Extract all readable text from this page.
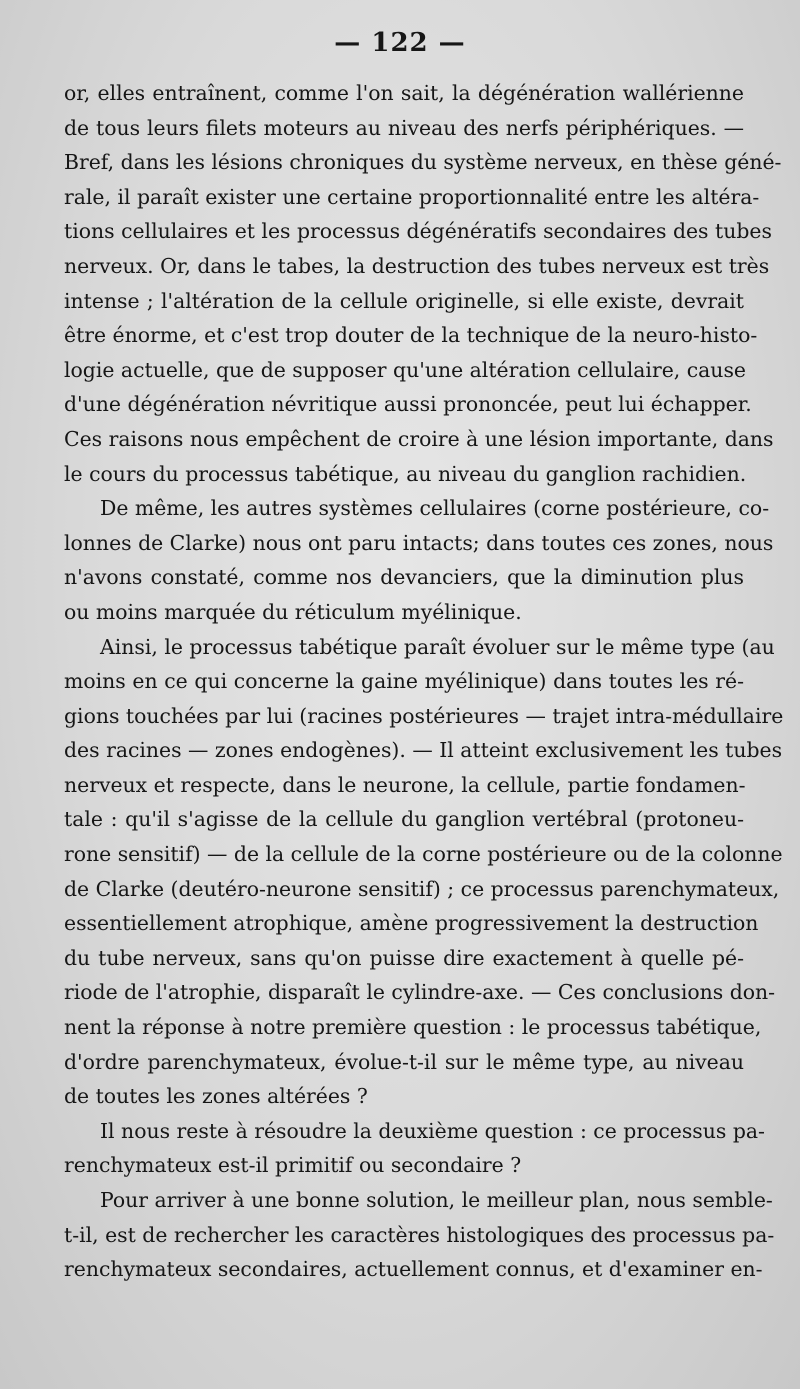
— 122 —
or, elles entraînent, comme l'on sait, la dégénération wallérienne
de tous leurs filets moteurs au niveau des nerfs périphériques. —
Bref, dans les lésions chroniques du système nerveux, en thèse géné-
rale, il paraît exister une certaine proportionnalité entre les altéra-
tions cellulaires et les processus dégénératifs secondaires des tubes
nerveux. Or, dans le tabes, la destruction des tubes nerveux est très
intense ; l'altération de la cellule originelle, si elle existe, devrait
être énorme, et c'est trop douter de la technique de la neuro-histo-
logie actuelle, que de supposer qu'une altération cellulaire, cause
d'une dégénération névritique aussi prononcée, peut lui échapper.
Ces raisons nous empêchent de croire à une lésion importante, dans
le cours du processus tabétique, au niveau du ganglion rachidien.
De même, les autres systèmes cellulaires (corne postérieure, co-
lonnes de Clarke) nous ont paru intacts; dans toutes ces zones, nous
n'avons constaté, comme nos devanciers, que la diminution plus
ou moins marquée du réticulum myélinique.
Ainsi, le processus tabétique paraît évoluer sur le même type (au
moins en ce qui concerne la gaine myélinique) dans toutes les ré-
gions touchées par lui (racines postérieures — trajet intra-médullaire
des racines — zones endogènes). — Il atteint exclusivement les tubes
nerveux et respecte, dans le neurone, la cellule, partie fondamen-
tale : qu'il s'agisse de la cellule du ganglion vertébral (protoneu-
rone sensitif) — de la cellule de la corne postérieure ou de la colonne
de Clarke (deutéro-neurone sensitif) ; ce processus parenchymateux,
essentiellement atrophique, amène progressivement la destruction
du tube nerveux, sans qu'on puisse dire exactement à quelle pé-
riode de l'atrophie, disparaît le cylindre-axe. — Ces conclusions don-
nent la réponse à notre première question : le processus tabétique,
d'ordre parenchymateux, évolue-t-il sur le même type, au niveau
de toutes les zones altérées ?
Il nous reste à résoudre la deuxième question : ce processus pa-
renchymateux est-il primitif ou secondaire ?
Pour arriver à une bonne solution, le meilleur plan, nous semble-
t-il, est de rechercher les caractères histologiques des processus pa-
renchymateux secondaires, actuellement connus, et d'examiner en-
